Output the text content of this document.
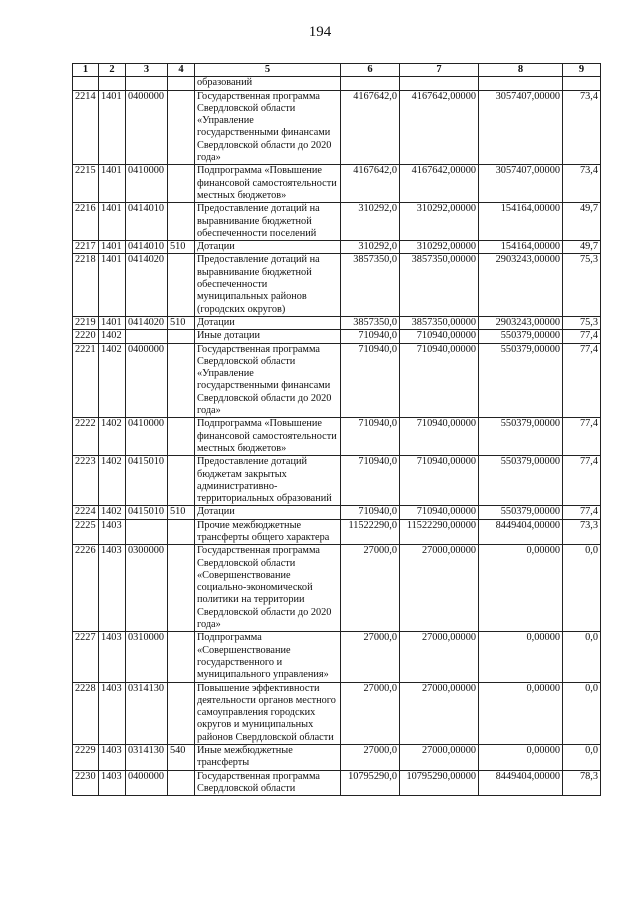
194
1	2	3	4	5	6	7	8	9
				образований				
2214	1401	0400000		Государственная программа Свердловской области «Управление государственными финансами Свердловской области до 2020 года»	4167642,0	4167642,00000	3057407,00000	73,4
2215	1401	0410000		Подпрограмма «Повышение финансовой самостоятельности местных бюджетов»	4167642,0	4167642,00000	3057407,00000	73,4
2216	1401	0414010		Предоставление дотаций на выравнивание бюджетной обеспеченности поселений	310292,0	310292,00000	154164,00000	49,7
2217	1401	0414010	510	Дотации	310292,0	310292,00000	154164,00000	49,7
2218	1401	0414020		Предоставление дотаций на выравнивание бюджетной обеспеченности муниципальных районов (городских округов)	3857350,0	3857350,00000	2903243,00000	75,3
2219	1401	0414020	510	Дотации	3857350,0	3857350,00000	2903243,00000	75,3
2220	1402			Иные дотации	710940,0	710940,00000	550379,00000	77,4
2221	1402	0400000		Государственная программа Свердловской области «Управление государственными финансами Свердловской области до 2020 года»	710940,0	710940,00000	550379,00000	77,4
2222	1402	0410000		Подпрограмма «Повышение финансовой самостоятельности местных бюджетов»	710940,0	710940,00000	550379,00000	77,4
2223	1402	0415010		Предоставление дотаций бюджетам закрытых административно-территориальных образований	710940,0	710940,00000	550379,00000	77,4
2224	1402	0415010	510	Дотации	710940,0	710940,00000	550379,00000	77,4
2225	1403			Прочие межбюджетные трансферты общего характера	11522290,0	11522290,00000	8449404,00000	73,3
2226	1403	0300000		Государственная программа Свердловской области «Совершенствование социально-экономической политики на территории Свердловской области до 2020 года»	27000,0	27000,00000	0,00000	0,0
2227	1403	0310000		Подпрограмма «Совершенствование государственного и муниципального управления»	27000,0	27000,00000	0,00000	0,0
2228	1403	0314130		Повышение эффективности деятельности органов местного самоуправления городских округов и муниципальных районов Свердловской области	27000,0	27000,00000	0,00000	0,0
2229	1403	0314130	540	Иные межбюджетные трансферты	27000,0	27000,00000	0,00000	0,0
2230	1403	0400000		Государственная программа Свердловской области	10795290,0	10795290,00000	8449404,00000	78,3
